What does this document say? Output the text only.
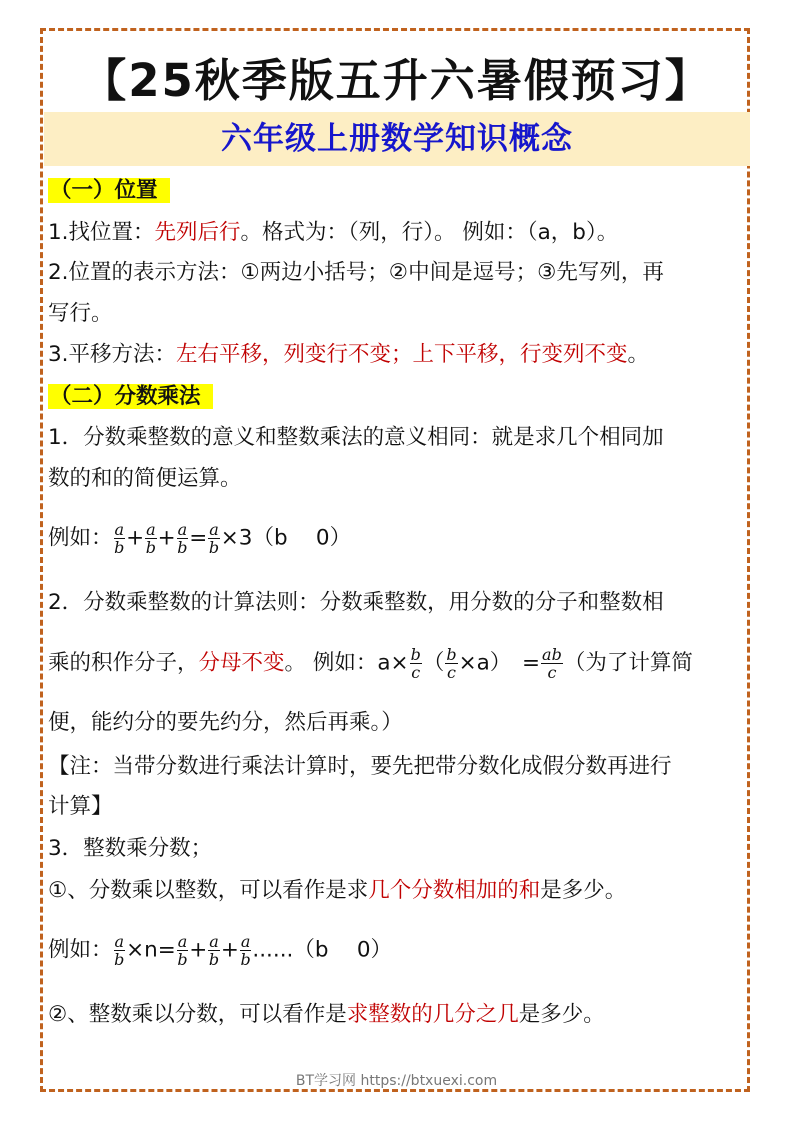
【25秋季版五升六暑假预习】
六年级上册数学知识概念
（一）位置
1.找位置：先列后行。格式为：（列，行）。 例如：（a，b）。
2.位置的表示方法：①两边小括号；②中间是逗号；③先写列，再
写行。
3.平移方法：左右平移，列变行不变；上下平移，行变列不变。
（二）分数乘法
1．分数乘整数的意义和整数乘法的意义相同：就是求几个相同加
数的和的简便运算。
例如： $\frac{a}{b} + \frac{a}{b} + \frac{a}{b} = \frac{a}{b} \times 3(b$　 0）
2．分数乘整数的计算法则：分数乘整数，用分数的分子和整数相
乘的积作分子，分母不变。 例如：$a\times \frac{b}{c}$ （ $\frac{b}{c} \times a$）　= $\frac{ab}{c}$ （为了计算简
便，能约分的要先约分，然后再乘。）
【注：当带分数进行乘法计算时，要先把带分数化成假分数再进行
计算】
3．整数乘分数；
①、分数乘以整数，可以看作是求几个分数相加的和是多少。
例如： $\frac{a}{b} \times n= \frac{a}{b} + \frac{a}{b} + \frac{a}{b} ......(b$　 0）
②、整数乘以分数，可以看作是求整数的几分之几是多少。
BT学习网 https://btxuexi.com
